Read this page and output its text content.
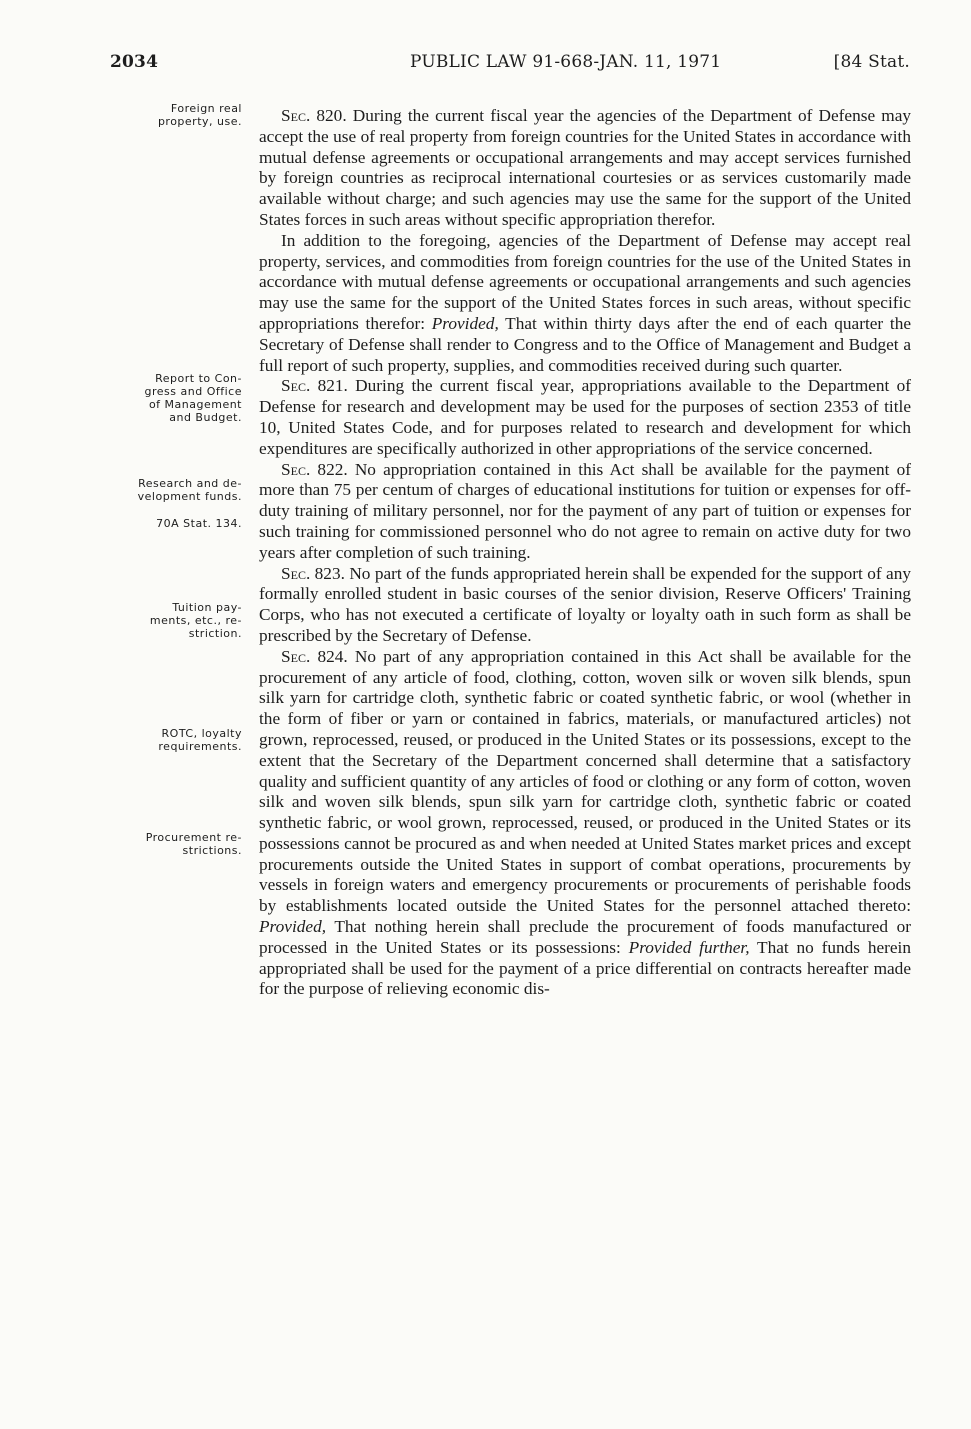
2034	PUBLIC LAW 91-668-JAN. 11, 1971	[84 Stat.
Foreign real
property, use.
Report to Con-
gress and Office
of Management
and Budget.
Research and de-
velopment funds.
70A Stat. 134.
Tuition pay-
ments, etc., re-
striction.
ROTC, loyalty
requirements.
Procurement re-
strictions.

Sec. 820. During the current fiscal year the agencies of the Department of Defense may accept the use of real property from foreign countries for the United States in accordance with mutual defense agreements or occupational arrangements and may accept services furnished by foreign countries as reciprocal international courtesies or as services customarily made available without charge; and such agencies may use the same for the support of the United States forces in such areas without specific appropriation therefor.

In addition to the foregoing, agencies of the Department of Defense may accept real property, services, and commodities from foreign countries for the use of the United States in accordance with mutual defense agreements or occupational arrangements and such agencies may use the same for the support of the United States forces in such areas, without specific appropriations therefor: Provided, That within thirty days after the end of each quarter the Secretary of Defense shall render to Congress and to the Office of Management and Budget a full report of such property, supplies, and commodities received during such quarter.

Sec. 821. During the current fiscal year, appropriations available to the Department of Defense for research and development may be used for the purposes of section 2353 of title 10, United States Code, and for purposes related to research and development for which expenditures are specifically authorized in other appropriations of the service concerned.

Sec. 822. No appropriation contained in this Act shall be available for the payment of more than 75 per centum of charges of educational institutions for tuition or expenses for off-duty training of military personnel, nor for the payment of any part of tuition or expenses for such training for commissioned personnel who do not agree to remain on active duty for two years after completion of such training.

Sec. 823. No part of the funds appropriated herein shall be expended for the support of any formally enrolled student in basic courses of the senior division, Reserve Officers' Training Corps, who has not executed a certificate of loyalty or loyalty oath in such form as shall be prescribed by the Secretary of Defense.

Sec. 824. No part of any appropriation contained in this Act shall be available for the procurement of any article of food, clothing, cotton, woven silk or woven silk blends, spun silk yarn for cartridge cloth, synthetic fabric or coated synthetic fabric, or wool (whether in the form of fiber or yarn or contained in fabrics, materials, or manufactured articles) not grown, reprocessed, reused, or produced in the United States or its possessions, except to the extent that the Secretary of the Department concerned shall determine that a satisfactory quality and sufficient quantity of any articles of food or clothing or any form of cotton, woven silk and woven silk blends, spun silk yarn for cartridge cloth, synthetic fabric or coated synthetic fabric, or wool grown, reprocessed, reused, or produced in the United States or its possessions cannot be procured as and when needed at United States market prices and except procurements outside the United States in support of combat operations, procurements by vessels in foreign waters and emergency procurements or procurements of perishable foods by establishments located outside the United States for the personnel attached thereto: Provided, That nothing herein shall preclude the procurement of foods manufactured or processed in the United States or its possessions: Provided further, That no funds herein appropriated shall be used for the payment of a price differential on contracts hereafter made for the purpose of relieving economic dis-
